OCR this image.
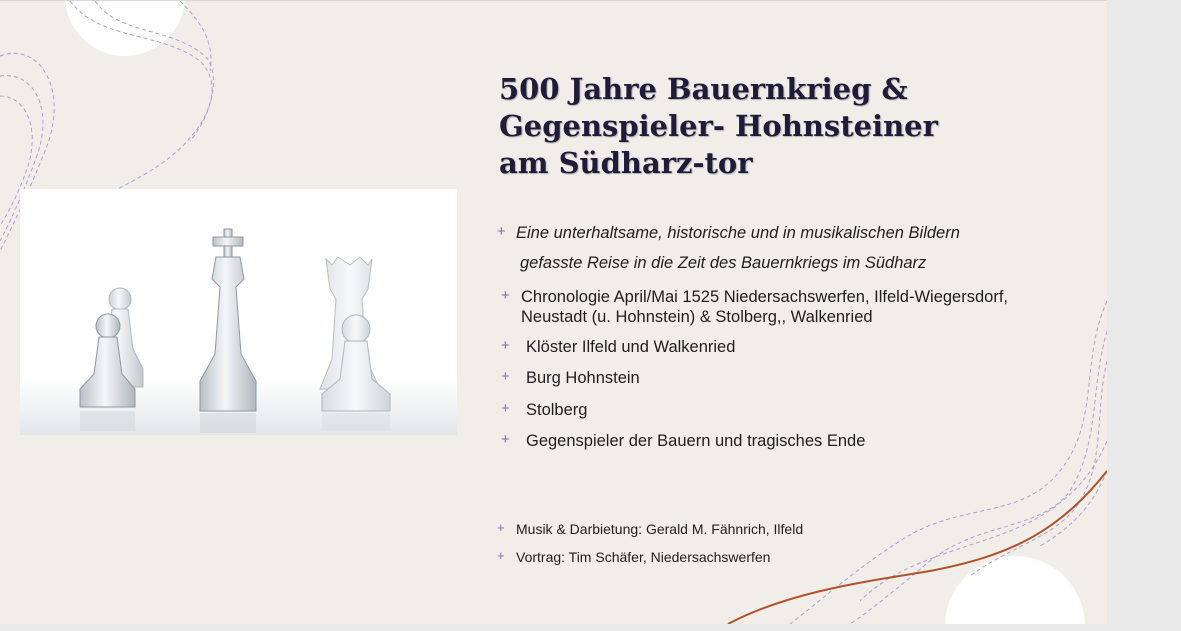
500 Jahre Bauernkrieg &
Gegenspieler- Hohnsteiner
am Südharz-tor
+ Eine unterhaltsame, historische und in musikalischen Bildern
gefasste Reise in die Zeit des Bauernkriegs im Südharz
+ Chronologie April/Mai 1525 Niedersachswerfen, Ilfeld-Wiegersdorf,
Neustadt (u. Hohnstein) & Stolberg,, Walkenried
+ Klöster Ilfeld und Walkenried
+ Burg Hohnstein
+ Stolberg
+ Gegenspieler der Bauern und tragisches Ende
+ Musik & Darbietung: Gerald M. Fähnrich, Ilfeld
+ Vortrag: Tim Schäfer, Niedersachswerfen
